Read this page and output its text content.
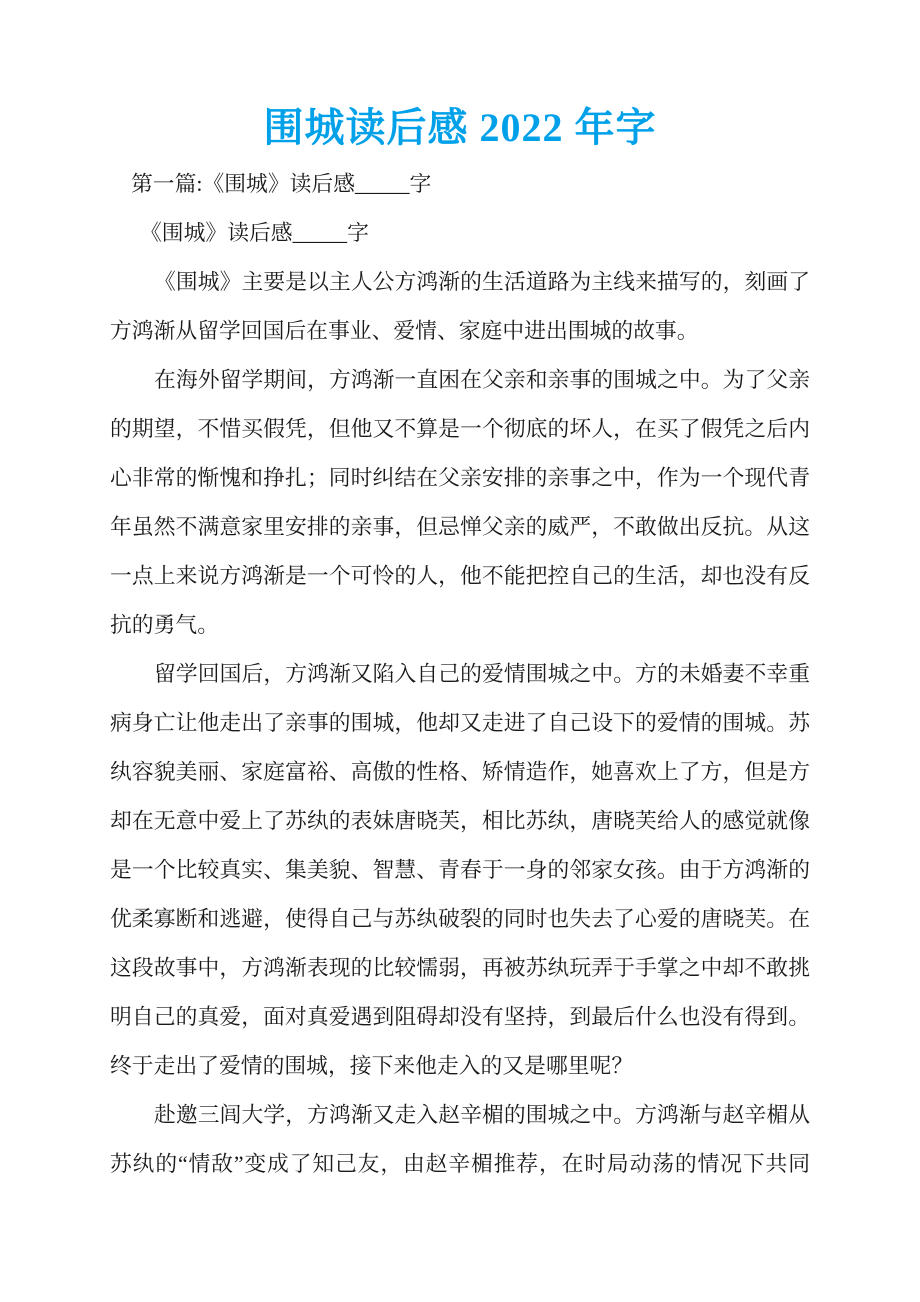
围城读后感 2022 年字
第一篇:《围城》读后感_____字
《围城》读后感_____字
《围城》主要是以主人公方鸿渐的生活道路为主线来描写的，刻画了
方鸿渐从留学回国后在事业、爱情、家庭中进出围城的故事。
在海外留学期间，方鸿渐一直困在父亲和亲事的围城之中。为了父亲
的期望，不惜买假凭，但他又不算是一个彻底的坏人，在买了假凭之后内
心非常的惭愧和挣扎；同时纠结在父亲安排的亲事之中，作为一个现代青
年虽然不满意家里安排的亲事，但忌惮父亲的威严，不敢做出反抗。从这
一点上来说方鸿渐是一个可怜的人，他不能把控自己的生活，却也没有反
抗的勇气。
留学回国后，方鸿渐又陷入自己的爱情围城之中。方的未婚妻不幸重
病身亡让他走出了亲事的围城，他却又走进了自己设下的爱情的围城。苏
纨容貌美丽、家庭富裕、高傲的性格、矫情造作，她喜欢上了方，但是方
却在无意中爱上了苏纨的表妹唐晓芙，相比苏纨，唐晓芙给人的感觉就像
是一个比较真实、集美貌、智慧、青春于一身的邻家女孩。由于方鸿渐的
优柔寡断和逃避，使得自己与苏纨破裂的同时也失去了心爱的唐晓芙。在
这段故事中，方鸿渐表现的比较懦弱，再被苏纨玩弄于手掌之中却不敢挑
明自己的真爱，面对真爱遇到阻碍却没有坚持，到最后什么也没有得到。
终于走出了爱情的围城，接下来他走入的又是哪里呢？
赴邀三闾大学，方鸿渐又走入赵辛楣的围城之中。方鸿渐与赵辛楣从
苏纨的“情敌”变成了知己友，由赵辛楣推荐，在时局动荡的情况下共同
